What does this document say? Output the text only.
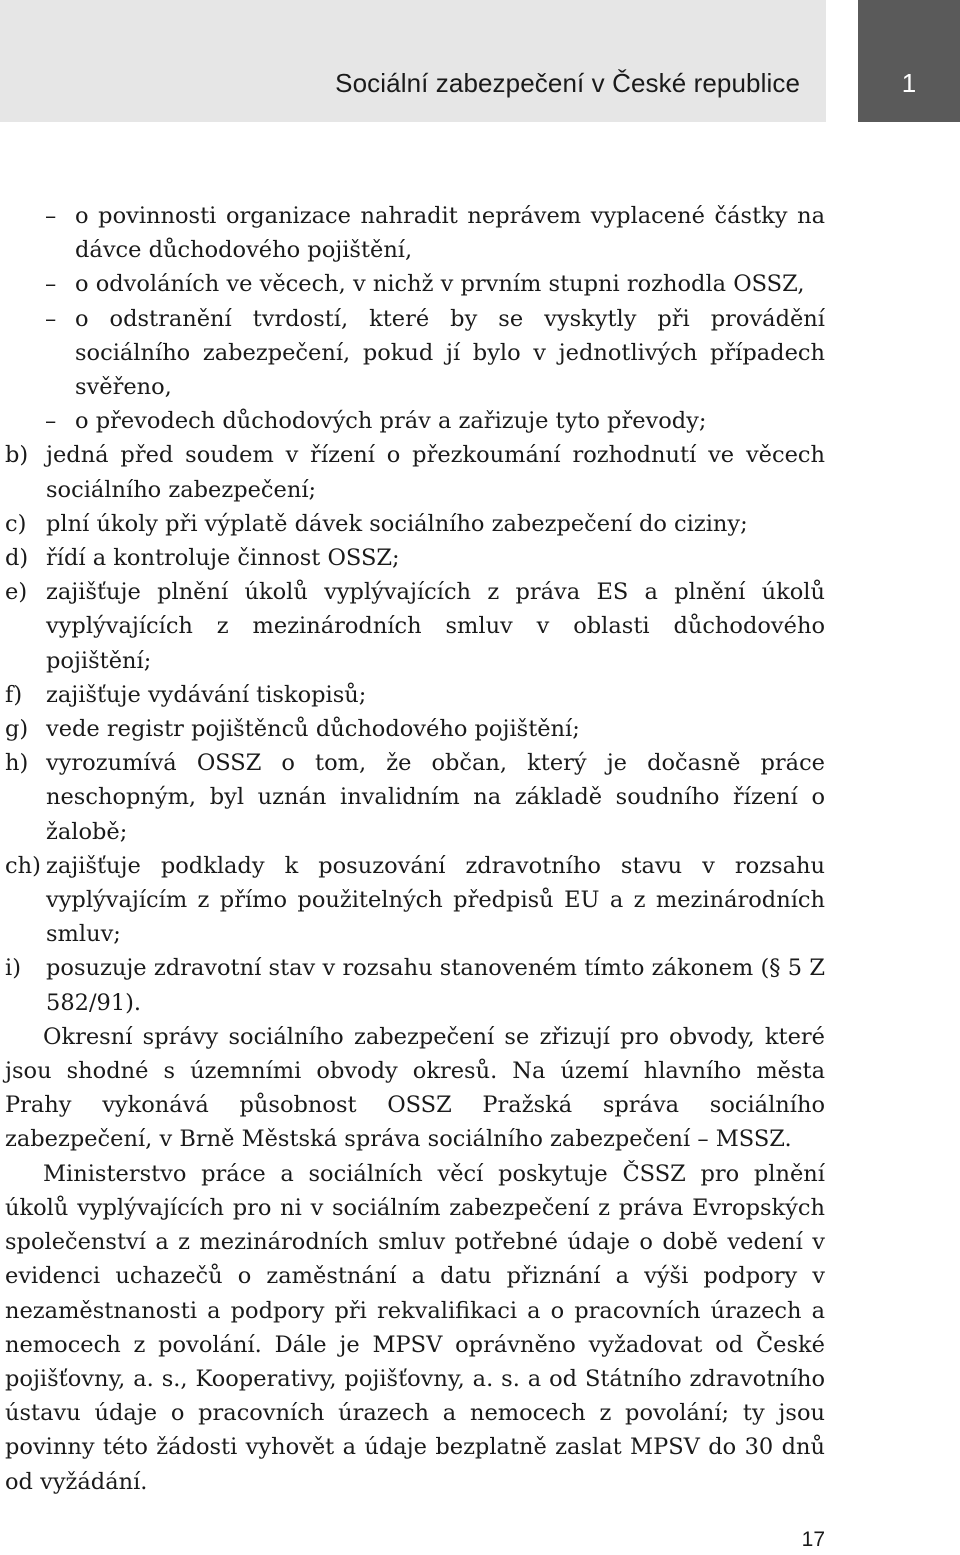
Sociální zabezpečení v České republice	1
– o povinnosti organizace nahradit neprávem vyplacené částky na dávce důchodového pojištění,
– o odvoláních ve věcech, v nichž v prvním stupni rozhodla OSSZ,
– o odstranění tvrdostí, které by se vyskytly při provádění sociálního zabezpečení, pokud jí bylo v jednotlivých případech svěřeno,
– o převodech důchodových práv a zařizuje tyto převody;
b) jedná před soudem v řízení o přezkoumání rozhodnutí ve věcech sociálního zabezpečení;
c) plní úkoly při výplatě dávek sociálního zabezpečení do ciziny;
d) řídí a kontroluje činnost OSSZ;
e) zajišťuje plnění úkolů vyplývajících z práva ES a plnění úkolů vyplývajících z mezinárodních smluv v oblasti důchodového pojištění;
f) zajišťuje vydávání tiskopisů;
g) vede registr pojištěnců důchodového pojištění;
h) vyrozumívá OSSZ o tom, že občan, který je dočasně práce neschopným, byl uznán invalidním na základě soudního řízení o žalobě;
ch) zajišťuje podklady k posuzování zdravotního stavu v rozsahu vyplývajícím z přímo použitelných předpisů EU a z mezinárodních smluv;
i) posuzuje zdravotní stav v rozsahu stanoveném tímto zákonem (§ 5 Z 582/91).
Okresní správy sociálního zabezpečení se zřizují pro obvody, které jsou shodné s územními obvody okresů. Na území hlavního města Prahy vykonává působnost OSSZ Pražská správa sociálního zabezpečení, v Brně Městská správa sociálního zabezpečení – MSSZ.
Ministerstvo práce a sociálních věcí poskytuje ČSSZ pro plnění úkolů vyplývajících pro ni v sociálním zabezpečení z práva Evropských společenství a z mezinárodních smluv potřebné údaje o době vedení v evidenci uchazečů o zaměstnání a datu přiznání a výši podpory v nezaměstnanosti a podpory při rekvalifikaci a o pracovních úrazech a nemocech z povolání. Dále je MPSV oprávněno vyžadovat od České pojišťovny, a. s., Kooperativy, pojišťovny, a. s. a od Státního zdravotního ústavu údaje o pracovních úrazech a nemocech z povolání; ty jsou povinny této žádosti vyhovět a údaje bezplatně zaslat MPSV do 30 dnů od vyžádání.
17
